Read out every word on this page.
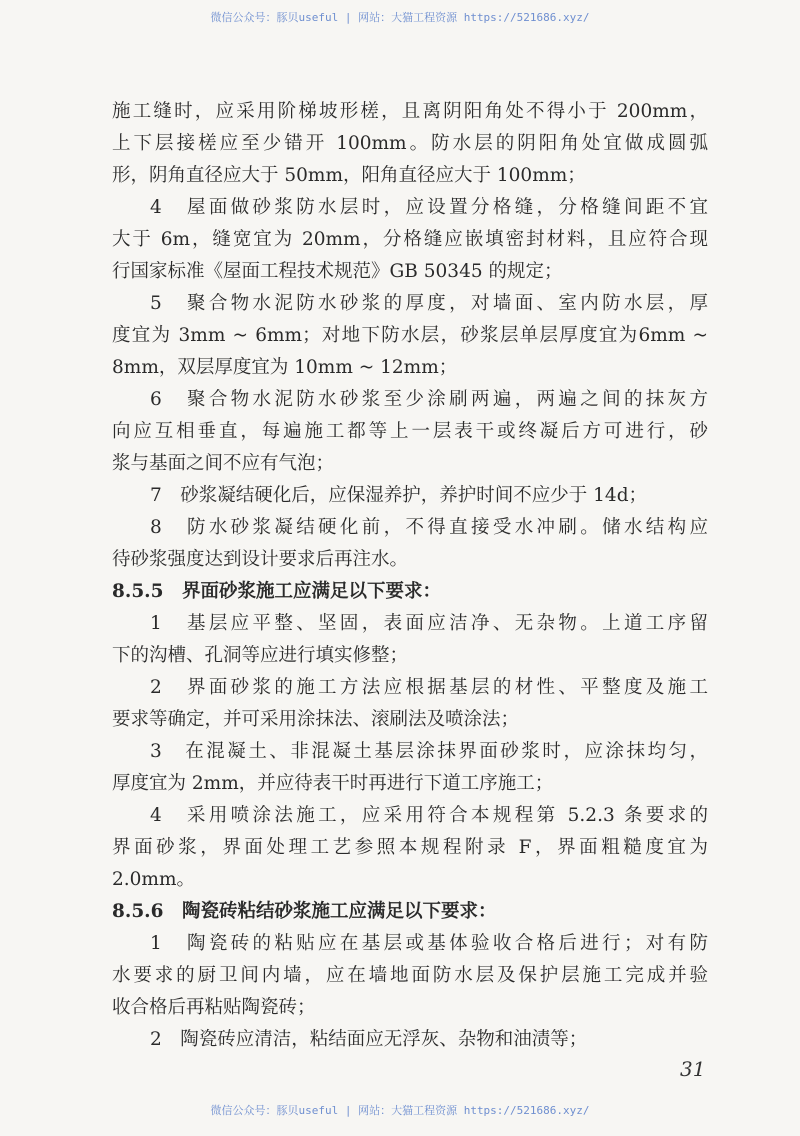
微信公众号：豚贝useful | 网站：大猫工程资源 https://521686.xyz/
施工缝时，应采用阶梯坡形槎，且离阴阳角处不得小于 200mm，
上下层接槎应至少错开 100mm。防水层的阴阳角处宜做成圆弧
形，阴角直径应大于 50mm，阳角直径应大于 100mm；
4　屋面做砂浆防水层时，应设置分格缝，分格缝间距不宜
大于 6m，缝宽宜为 20mm，分格缝应嵌填密封材料，且应符合现
行国家标准《屋面工程技术规范》GB 50345 的规定；
5　聚合物水泥防水砂浆的厚度，对墙面、室内防水层，厚
度宜为 3mm ~ 6mm；对地下防水层，砂浆层单层厚度宜为6mm ~
8mm，双层厚度宜为 10mm ~ 12mm；
6　聚合物水泥防水砂浆至少涂刷两遍，两遍之间的抹灰方
向应互相垂直，每遍施工都等上一层表干或终凝后方可进行，砂
浆与基面之间不应有气泡；
7　砂浆凝结硬化后，应保湿养护，养护时间不应少于 14d；
8　防水砂浆凝结硬化前，不得直接受水冲刷。储水结构应
待砂浆强度达到设计要求后再注水。
8.5.5　界面砂浆施工应满足以下要求：
1　基层应平整、坚固，表面应洁净、无杂物。上道工序留
下的沟槽、孔洞等应进行填实修整；
2　界面砂浆的施工方法应根据基层的材性、平整度及施工
要求等确定，并可采用涂抹法、滚刷法及喷涂法；
3　在混凝土、非混凝土基层涂抹界面砂浆时，应涂抹均匀，
厚度宜为 2mm，并应待表干时再进行下道工序施工；
4　采用喷涂法施工，应采用符合本规程第 5.2.3 条要求的
界面砂浆，界面处理工艺参照本规程附录 F，界面粗糙度宜为
2.0mm。
8.5.6　陶瓷砖粘结砂浆施工应满足以下要求：
1　陶瓷砖的粘贴应在基层或基体验收合格后进行；对有防
水要求的厨卫间内墙，应在墙地面防水层及保护层施工完成并验
收合格后再粘贴陶瓷砖；
2　陶瓷砖应清洁，粘结面应无浮灰、杂物和油渍等；
31
微信公众号：豚贝useful | 网站：大猫工程资源 https://521686.xyz/
